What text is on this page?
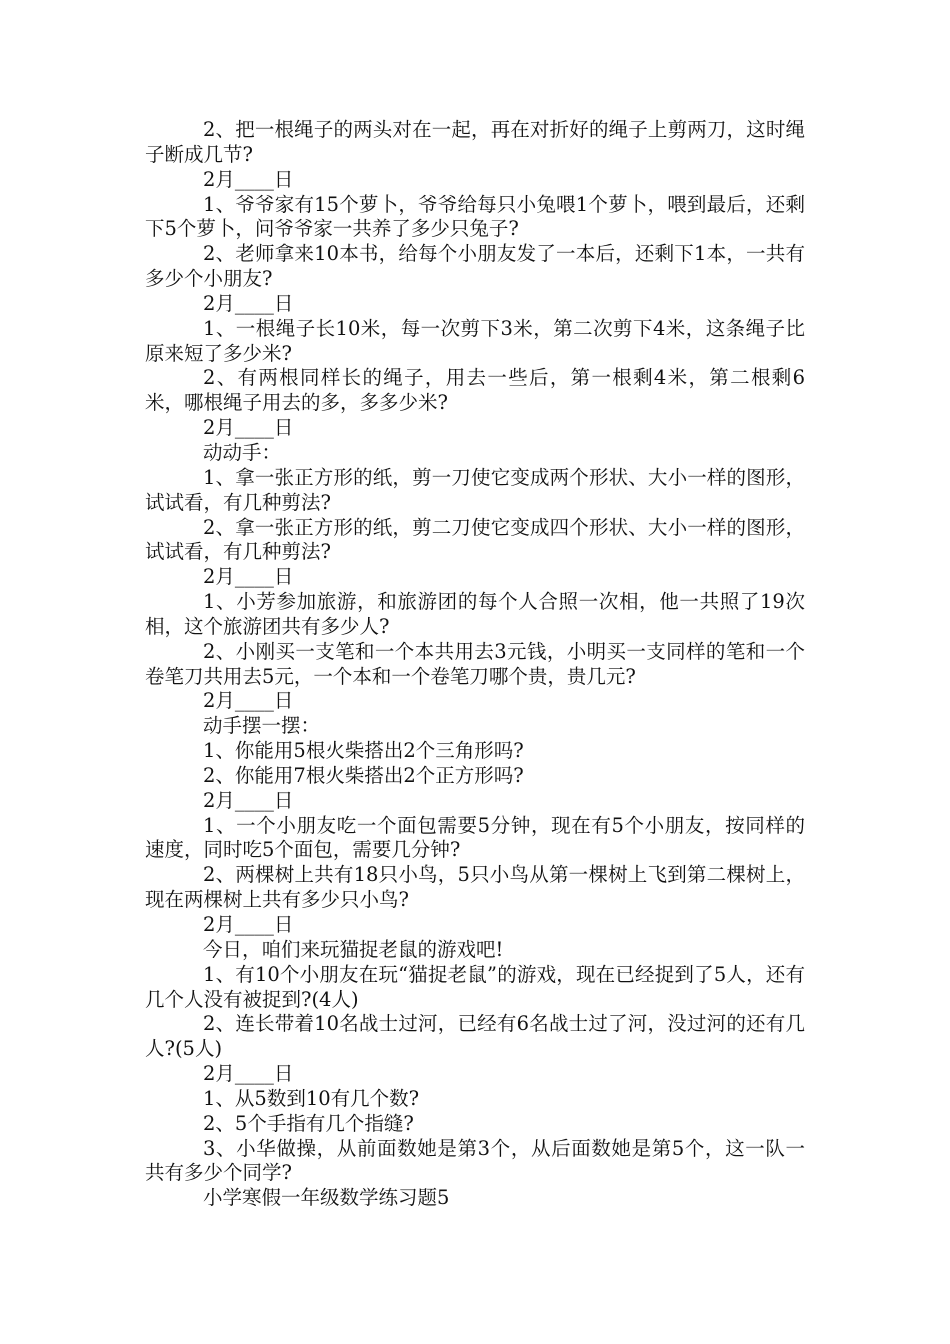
2、把一根绳子的两头对在一起，再在对折好的绳子上剪两刀，这时绳子断成几节?

2月____日

1、爷爷家有15个萝卜，爷爷给每只小兔喂1个萝卜，喂到最后，还剩下5个萝卜，问爷爷家一共养了多少只兔子?

2、老师拿来10本书，给每个小朋友发了一本后，还剩下1本，一共有多少个小朋友?

2月____日

1、一根绳子长10米，每一次剪下3米，第二次剪下4米，这条绳子比原来短了多少米?

2、有两根同样长的绳子，用去一些后，第一根剩4米，第二根剩6米，哪根绳子用去的多，多多少米?

2月____日

动动手：

1、拿一张正方形的纸，剪一刀使它变成两个形状、大小一样的图形，试试看，有几种剪法?

2、拿一张正方形的纸，剪二刀使它变成四个形状、大小一样的图形，试试看，有几种剪法?

2月____日

1、小芳参加旅游，和旅游团的每个人合照一次相，他一共照了19次相，这个旅游团共有多少人?

2、小刚买一支笔和一个本共用去3元钱，小明买一支同样的笔和一个卷笔刀共用去5元，一个本和一个卷笔刀哪个贵，贵几元?

2月____日

动手摆一摆：

1、你能用5根火柴搭出2个三角形吗?

2、你能用7根火柴搭出2个正方形吗?

2月____日

1、一个小朋友吃一个面包需要5分钟，现在有5个小朋友，按同样的速度，同时吃5个面包，需要几分钟?

2、两棵树上共有18只小鸟，5只小鸟从第一棵树上飞到第二棵树上，现在两棵树上共有多少只小鸟?

2月____日

今日，咱们来玩猫捉老鼠的游戏吧!

1、有10个小朋友在玩“猫捉老鼠”的游戏，现在已经捉到了5人，还有几个人没有被捉到?(4人)

2、连长带着10名战士过河，已经有6名战士过了河，没过河的还有几人?(5人)

2月____日

1、从5数到10有几个数?

2、5个手指有几个指缝?

3、小华做操，从前面数她是第3个，从后面数她是第5个，这一队一共有多少个同学?

小学寒假一年级数学练习题5
